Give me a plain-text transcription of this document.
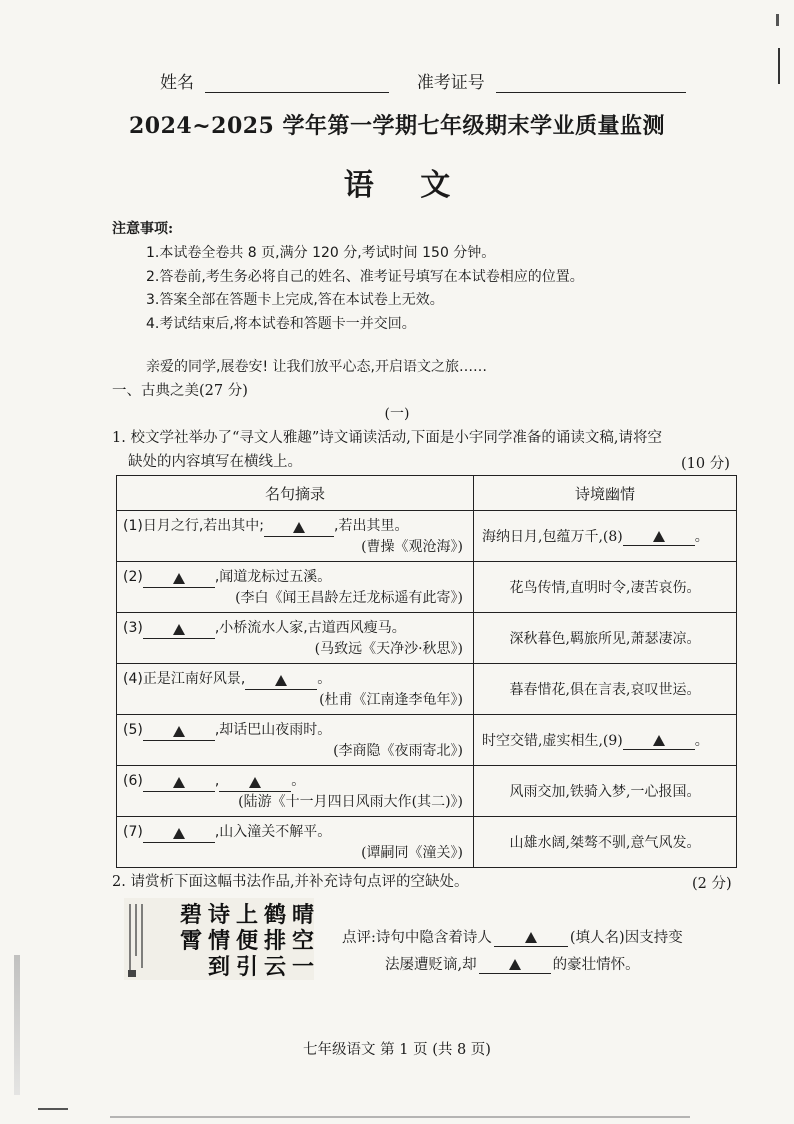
姓名	准考证号
2024~2025 学年第一学期七年级期末学业质量监测
语 文
注意事项:
1.本试卷全卷共 8 页,满分 120 分,考试时间 150 分钟。
2.答卷前,考生务必将自己的姓名、准考证号填写在本试卷相应的位置。
3.答案全部在答题卡上完成,答在本试卷上无效。
4.考试结束后,将本试卷和答题卡一并交回。
亲爱的同学,展卷安! 让我们放平心态,开启语文之旅……
一、古典之美(27 分)
(一)
1. 校文学社举办了“寻文人雅趣”诗文诵读活动,下面是小宇同学准备的诵读文稿,请将空
缺处的内容填写在横线上。	(10 分)
名句摘录	诗境幽情

(1)日月之行,若出其中; ,若出其里。
(曹操《观沧海》)	海纳日月,包蕴万千,(8) 。

(2) ,闻道龙标过五溪。
(李白《闻王昌龄左迁龙标遥有此寄》)	花鸟传情,直明时令,凄苦哀伤。

(3) ,小桥流水人家,古道西风瘦马。
(马致远《天净沙·秋思》)	深秋暮色,羁旅所见,萧瑟凄凉。

(4)正是江南好风景, 。
(杜甫《江南逢李龟年》)	暮春惜花,俱在言表,哀叹世运。

(5) ,却话巴山夜雨时。
(李商隐《夜雨寄北》)	时空交错,虚实相生,(9) 。

(6) , 。
(陆游《十一月四日风雨大作(其二)》)	风雨交加,铁骑入梦,一心报国。

(7) ,山入潼关不解平。
(谭嗣同《潼关》)	山雄水阔,桀骜不驯,意气风发。
2. 请赏析下面这幅书法作品,并补充诗句点评的空缺处。	(2 分)
晴
空
一
鹤
排
云
上
便
引
诗
情
到
碧
霄	点评:诗句中隐含着诗人	(填人名)因支持变
法屡遭贬谪,却	的豪壮情怀。
七年级语文 第 1 页 (共 8 页)
